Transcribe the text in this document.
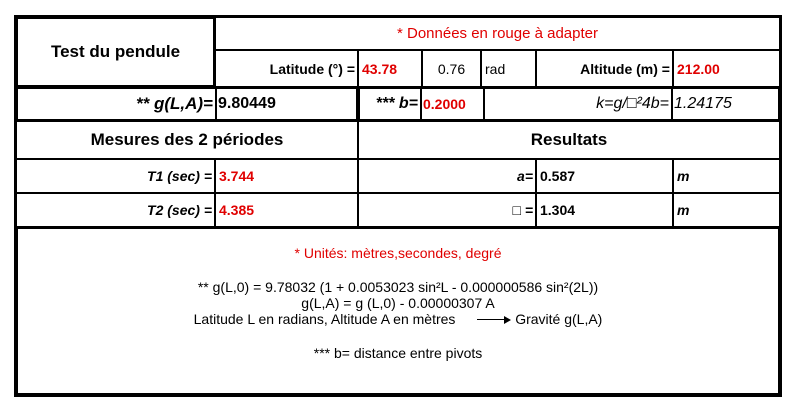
Test du pendule
* Données en rouge à adapter
Latitude (°) = 43.78	0.76 rad	Altitude (m) = 212.00
** g(L,A)= 9.80449	*** b= 0.2000	k=g/□²4b= 1.24175
Mesures des 2 périodes	Resultats
T1 (sec) = 3.744	a= 0.587	m
T2 (sec) = 4.385	□ = 1.304	m
* Unités: mètres,secondes, degré
** g(L,0) = 9.78032 (1 + 0.0053023 sin²L - 0.000000586 sin²(2L))
g(L,A) = g (L,0) - 0.00000307 A
Latitude L en radians, Altitude A en mètres	Gravité g(L,A)
*** b= distance entre pivots
